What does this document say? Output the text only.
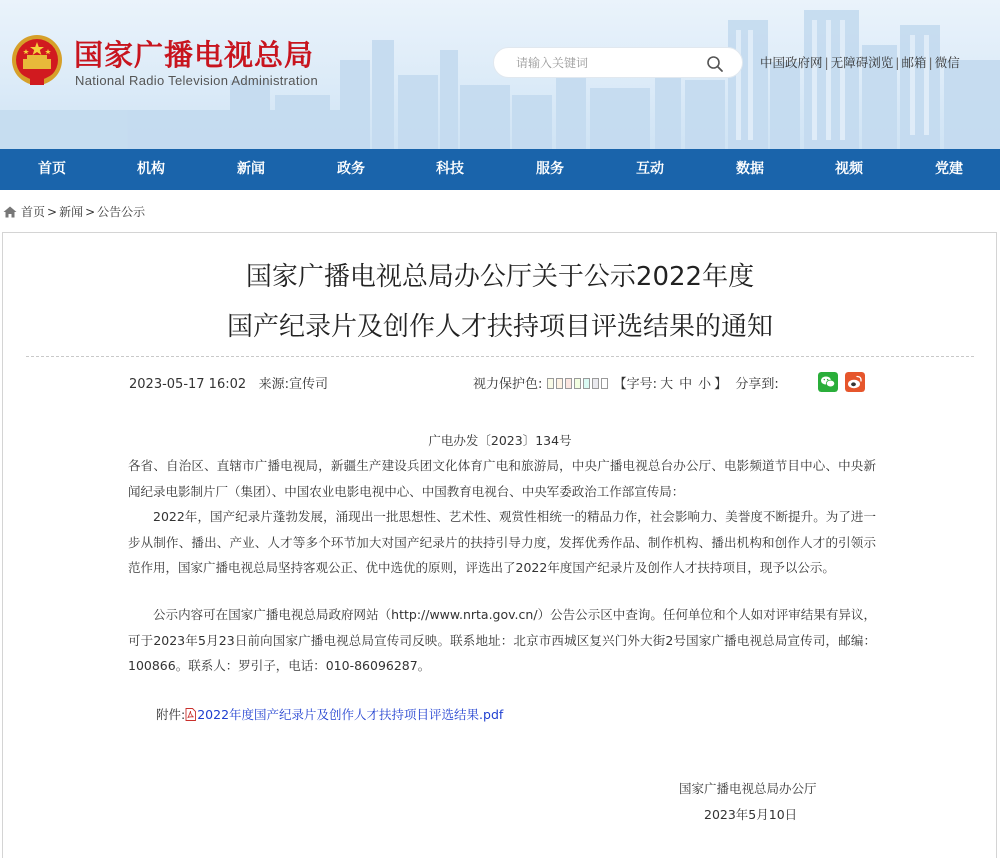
国家广播电视总局
National Radio Television Administration
请输入关键词
中国政府网 | 无障碍浏览 | 邮箱 | 微信
首页	机构	新闻	政务	科技	服务	互动	数据	视频	党建
首页 > 新闻 > 公告公示
国家广播电视总局办公厅关于公示2022年度
国产纪录片及创作人才扶持项目评选结果的通知
2023-05-17 16:02 来源:宣传司	视力保护色:	【字号: 大 中 小 】 分享到:
广电办发〔2023〕134号
各省、自治区、直辖市广播电视局，新疆生产建设兵团文化体育广电和旅游局，中央广播电视总台办公厅、电影频道节目中心、中央新闻纪录电影制片厂（集团）、中国农业电影电视中心、中国教育电视台、中央军委政治工作部宣传局：
2022年，国产纪录片蓬勃发展，涌现出一批思想性、艺术性、观赏性相统一的精品力作，社会影响力、美誉度不断提升。为了进一步从制作、播出、产业、人才等多个环节加大对国产纪录片的扶持引导力度，发挥优秀作品、制作机构、播出机构和创作人才的引领示范作用，国家广播电视总局坚持客观公正、优中选优的原则，评选出了2022年度国产纪录片及创作人才扶持项目，现予以公示。
公示内容可在国家广播电视总局政府网站（http://www.nrta.gov.cn/）公告公示区中查询。任何单位和个人如对评审结果有异议，可于2023年5月23日前向国家广播电视总局宣传司反映。联系地址：北京市西城区复兴门外大街2号国家广播电视总局宣传司，邮编：100866。联系人：罗引子，电话：010-86096287。
附件: 2022年度国产纪录片及创作人才扶持项目评选结果.pdf
国家广播电视总局办公厅
2023年5月10日
